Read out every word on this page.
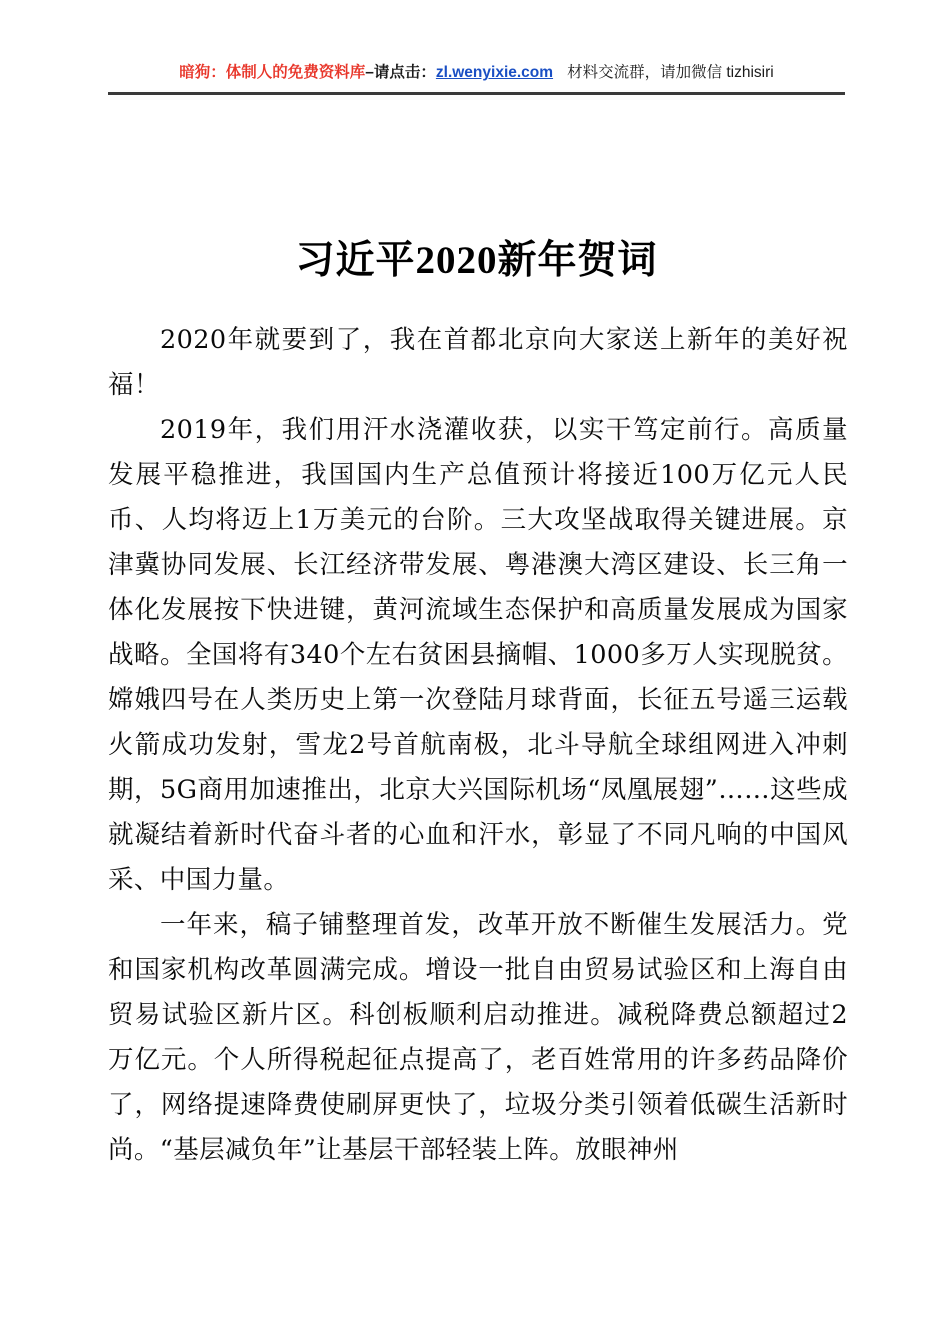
暗狗：体制人的免费资料库–请点击：zl.wenyixie.com 材料交流群，请加微信 tizhisiri
习近平2020新年贺词

2020年就要到了，我在首都北京向大家送上新年的美好祝福！

2019年，我们用汗水浇灌收获，以实干笃定前行。高质量发展平稳推进，我国国内生产总值预计将接近100万亿元人民币、人均将迈上1万美元的台阶。三大攻坚战取得关键进展。京津冀协同发展、长江经济带发展、粤港澳大湾区建设、长三角一体化发展按下快进键，黄河流域生态保护和高质量发展成为国家战略。全国将有340个左右贫困县摘帽、1000多万人实现脱贫。嫦娥四号在人类历史上第一次登陆月球背面，长征五号遥三运载火箭成功发射，雪龙2号首航南极，北斗导航全球组网进入冲刺期，5G商用加速推出，北京大兴国际机场“凤凰展翅”……这些成就凝结着新时代奋斗者的心血和汗水，彰显了不同凡响的中国风采、中国力量。

一年来，稿子铺整理首发，改革开放不断催生发展活力。党和国家机构改革圆满完成。增设一批自由贸易试验区和上海自由贸易试验区新片区。科创板顺利启动推进。减税降费总额超过2万亿元。个人所得税起征点提高了，老百姓常用的许多药品降价了，网络提速降费使刷屏更快了，垃圾分类引领着低碳生活新时尚。“基层减负年”让基层干部轻装上阵。放眼神州
